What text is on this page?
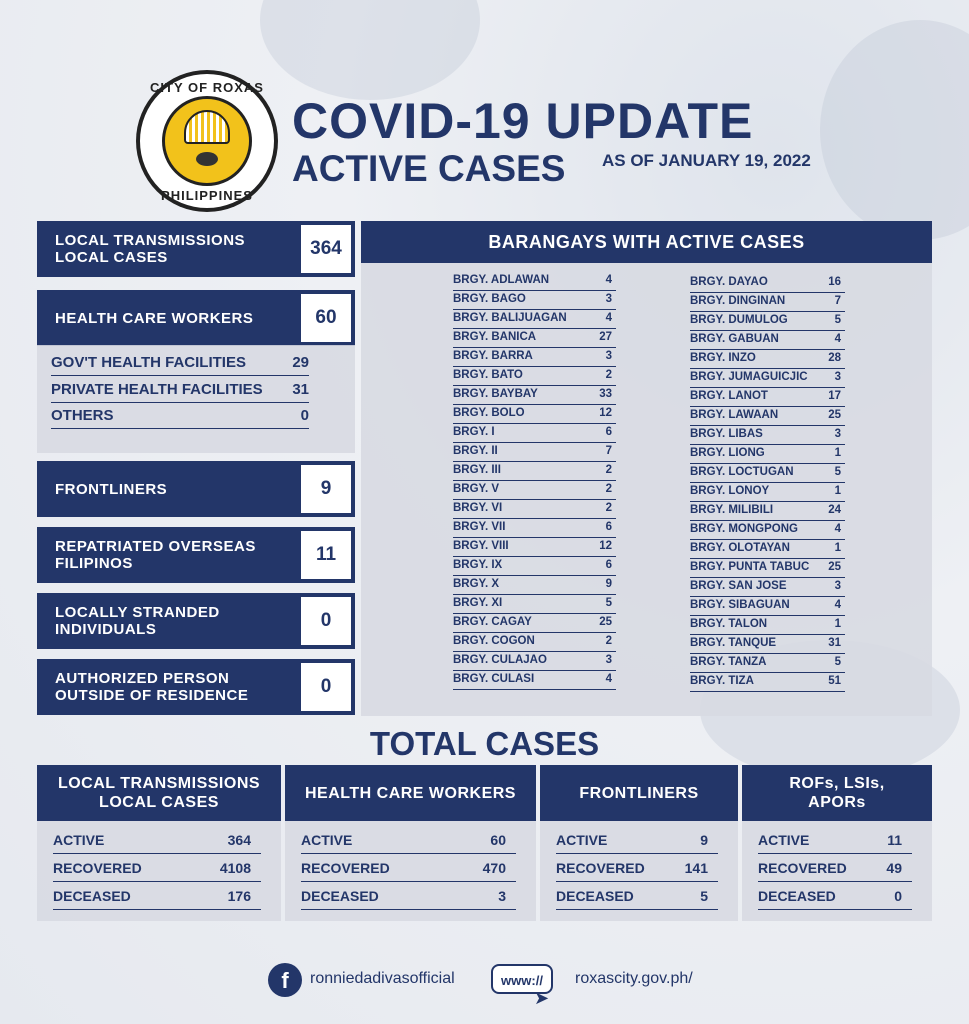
CITY OF ROXAS
PHILIPPINES
COVID-19 UPDATE
ACTIVE CASES AS OF JANUARY 19, 2022
LOCAL TRANSMISSIONS
LOCAL CASES	364
HEALTH CARE WORKERS	60
GOV'T HEALTH FACILITIES	29
PRIVATE HEALTH FACILITIES 31
OTHERS	0
FRONTLINERS	9
REPATRIATED OVERSEAS
FILIPINOS	11
LOCALLY STRANDED
INDIVIDUALS	0
AUTHORIZED PERSON
OUTSIDE OF RESIDENCE	0
BARANGAYS WITH ACTIVE CASES
BRGY. ADLAWAN	4
BRGY. BAGO	3
BRGY. BALIJUAGAN	4
BRGY. BANICA	27
BRGY. BARRA	3
BRGY. BATO	2
BRGY. BAYBAY	33
BRGY. BOLO	12
BRGY. I	6
BRGY. II	7
BRGY. III	2
BRGY. V	2
BRGY. VI	2
BRGY. VII	6
BRGY. VIII	12
BRGY. IX	6
BRGY. X	9
BRGY. XI	5
BRGY. CAGAY	25
BRGY. COGON	2
BRGY. CULAJAO	3
BRGY. CULASI	4
BRGY. DAYAO	16
BRGY. DINGINAN	7
BRGY. DUMULOG	5
BRGY. GABUAN	4
BRGY. INZO	28
BRGY. JUMAGUICJIC 3
BRGY. LANOT	17
BRGY. LAWAAN	25
BRGY. LIBAS	3
BRGY. LIONG	1
BRGY. LOCTUGAN	5
BRGY. LONOY	1
BRGY. MILIBILI	24
BRGY. MONGPONG	4
BRGY. OLOTAYAN	1
BRGY. PUNTA TABUC 25
BRGY. SAN JOSE	3
BRGY. SIBAGUAN	4
BRGY. TALON	1
BRGY. TANQUE	31
BRGY. TANZA	5
BRGY. TIZA	51
TOTAL CASES
LOCAL TRANSMISSIONS
LOCAL CASES
ACTIVE	364
RECOVERED	4108
DECEASED	176
HEALTH CARE WORKERS
ACTIVE	60
RECOVERED	470
DECEASED	3
FRONTLINERS
ACTIVE	9
RECOVERED	141
DECEASED	5
ROFs, LSIs,
APORs
ACTIVE	11
RECOVERED	49
DECEASED	0
f	ronniedadivasofficial	www://
➤
roxascity.gov.ph/
